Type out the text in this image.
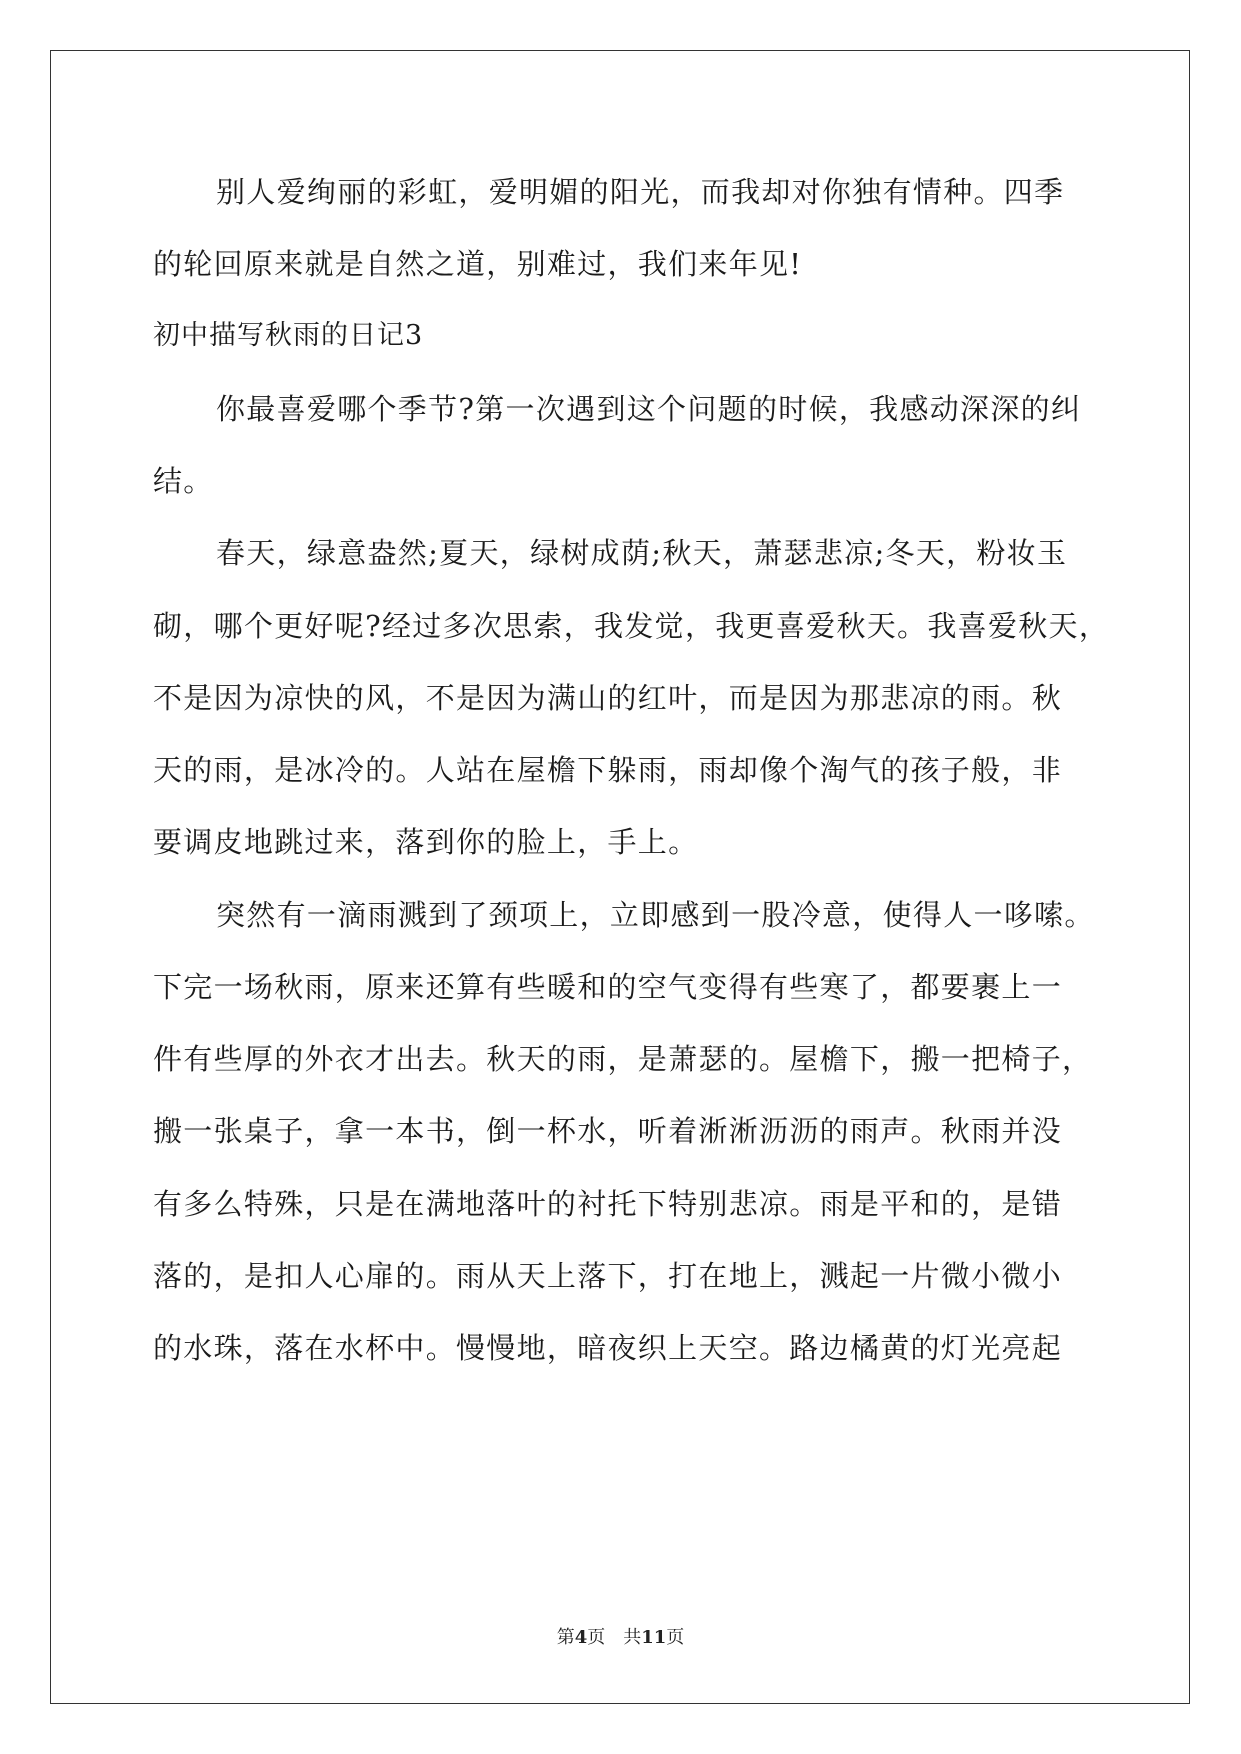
别人爱绚丽的彩虹，爱明媚的阳光，而我却对你独有情种。四季
的轮回原来就是自然之道，别难过，我们来年见!
初中描写秋雨的日记3
你最喜爱哪个季节?第一次遇到这个问题的时候，我感动深深的纠
结。
春天，绿意盎然;夏天，绿树成荫;秋天，萧瑟悲凉;冬天，粉妆玉
砌，哪个更好呢?经过多次思索，我发觉，我更喜爱秋天。我喜爱秋天，
不是因为凉快的风，不是因为满山的红叶，而是因为那悲凉的雨。秋
天的雨，是冰冷的。人站在屋檐下躲雨，雨却像个淘气的孩子般，非
要调皮地跳过来，落到你的脸上，手上。
突然有一滴雨溅到了颈项上，立即感到一股冷意，使得人一哆嗦。
下完一场秋雨，原来还算有些暖和的空气变得有些寒了，都要裹上一
件有些厚的外衣才出去。秋天的雨，是萧瑟的。屋檐下，搬一把椅子，
搬一张桌子，拿一本书，倒一杯水，听着淅淅沥沥的雨声。秋雨并没
有多么特殊，只是在满地落叶的衬托下特别悲凉。雨是平和的，是错
落的，是扣人心扉的。雨从天上落下，打在地上，溅起一片微小微小
的水珠，落在水杯中。慢慢地，暗夜织上天空。路边橘黄的灯光亮起
第4页　共11页
